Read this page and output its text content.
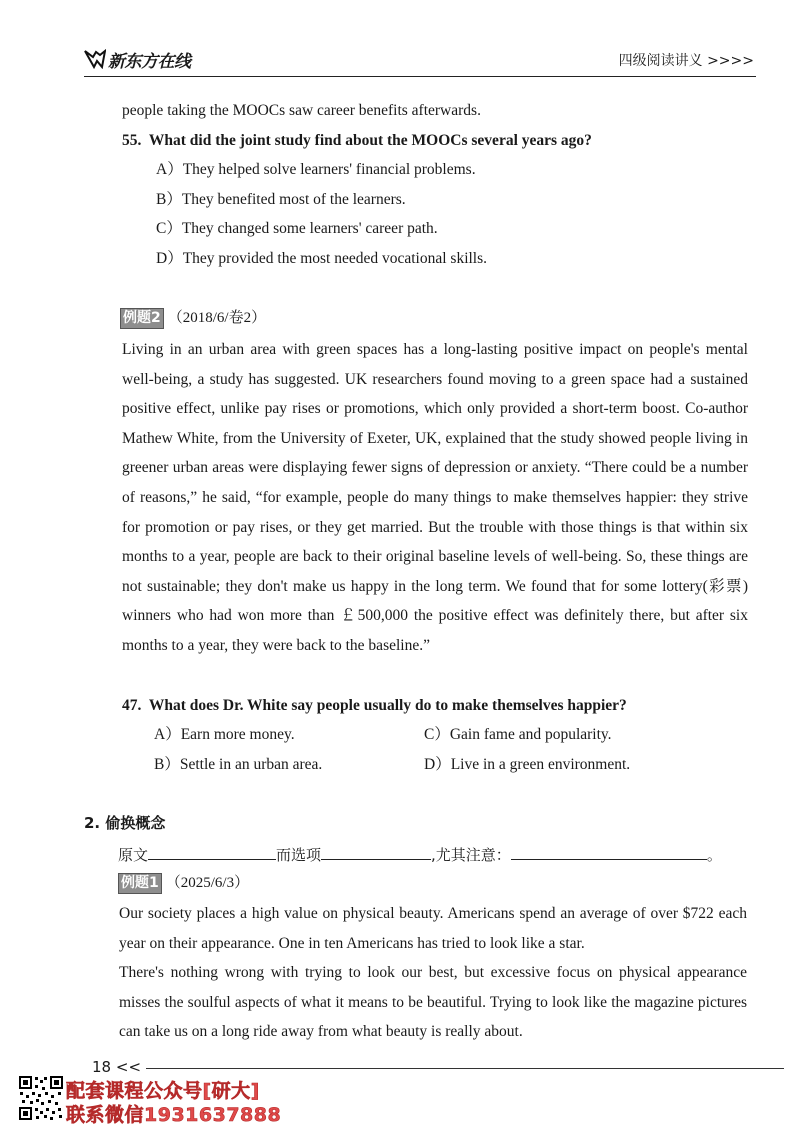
新东方在线	四级阅读讲义 >>>>
people taking the MOOCs saw career benefits afterwards.
55. What did the joint study find about the MOOCs several years ago?
A）They helped solve learners' financial problems.
B）They benefited most of the learners.
C）They changed some learners' career path.
D）They provided the most needed vocational skills.
例题2 （2018/6/卷2）
Living in an urban area with green spaces has a long-lasting positive impact on people's mental well-being, a study has suggested. UK researchers found moving to a green space had a sustained positive effect, unlike pay rises or promotions, which only provided a short-term boost. Co-author Mathew White, from the University of Exeter, UK, explained that the study showed people living in greener urban areas were displaying fewer signs of depression or anxiety. “There could be a number of reasons,” he said, “for example, people do many things to make themselves happier: they strive for promotion or pay rises, or they get married. But the trouble with those things is that within six months to a year, people are back to their original baseline levels of well-being. So, these things are not sustainable; they don't make us happy in the long term. We found that for some lottery(彩票) winners who had won more than ￡500,000 the positive effect was definitely there, but after six months to a year, they were back to the baseline.”
47. What does Dr. White say people usually do to make themselves happier?
A）Earn more money.	C）Gain fame and popularity.
B）Settle in an urban area.	D）Live in a green environment.
2. 偷换概念
原文	而选项	,尤其注意：	。
例题1 （2025/6/3）
Our society places a high value on physical beauty. Americans spend an average of over $722 each year on their appearance. One in ten Americans has tried to look like a star.
There's nothing wrong with trying to look our best, but excessive focus on physical appearance misses the soulful aspects of what it means to be beautiful. Trying to look like the magazine pictures can take us on a long ride away from what beauty is really about.
18 <<
配套课程公众号[研大]
联系微信1931637888
